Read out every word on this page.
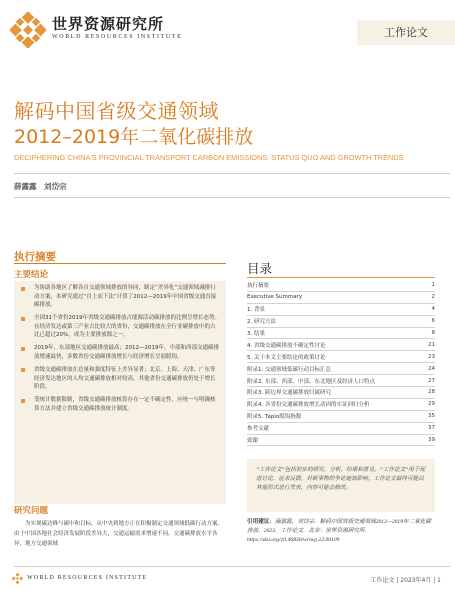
世界资源研究所
WORLD RESOURCES INSTITUTE	工作论文
解码中国省级交通领域
2012–2019年二氧化碳排放
DECIPHERING CHINA'S PROVINCIAL TRANSPORT CARBON EMISSIONS: STATUS QUO AND GROWTH TRENDS
薛露露　刘岱宗
执行摘要
主要结论
为协助各地区了解各自交通领域排放的异同，制定“差异化”交通领域减排行动方案，本研究通过“自上而下法”计算了2012—2019年中国省级交通直接碳排放。
全国31个省份2019年省级交通碳排放占能源活动碳排放的比例呈增长态势。在经济发达或第三产业占比较大的省份，交通碳排放在全行业碳排放中的占比已超过20%，成为主要排放源之一。
2019年，东部地区交通碳排放最高；2012—2019年，中部和西部交通碳排放增速最快，多数省份交通碳排放增长与经济增长呈弱脱钩。
省级交通碳排放在总量和强度特征上差异显著；北京、上海、天津、广东等经济发达地区的人均交通碳排放相对较高，其他省份交通碳排放仍处于增长阶段。
受统计数据限制，省级交通碳排放核算存在一定不确定性，应统一与明确核算方法并建立省级交通碳排放统计制度。
研究问题

为实现碳达峰与碳中和目标，从中央到地方正在积极制定交通领域低碳行动方案。由于中国各地社会经济发展阶段差异大，交通运输需求增速不同，交通碳排放水平各异，地方交通领域

目录
执行摘要	1
Executive Summary	2
1. 背景	4
2. 研究方法	6
3. 结果	8
4. 省级交通碳排放不确定性讨论	21
5. 关于本文主要结论的政策讨论	23
附录1. 交通领域低碳行动目标汇总	24
附录2. 东部、西部、中部、东北地区及经济人口特点	27
附录3. 跨边界交通碳排放归属研究	28
附录4. 各省份交通碳排放增长动因的实证回归分析	29
附录5. Tapio脱钩指数	35
参考文献	37
致谢	39
“工作论文”包括初步的研究、分析、结果和意见。“工作论文”用于促进讨论、征求反馈，对新事物的争论施加影响。工作论文最终可能以其他形式进行发表，内容可能会修改。
引用建议：薛露露，刘岱宗．解码中国省级交通领域2012—2019年二氧化碳排放．2023．工作论文．北京：世界资源研究所．https://doi.org/10.46830/wriwp.22.00109
WORLD RESOURCES INSTITUTE	工作论文 | 2023年4月 | 1
